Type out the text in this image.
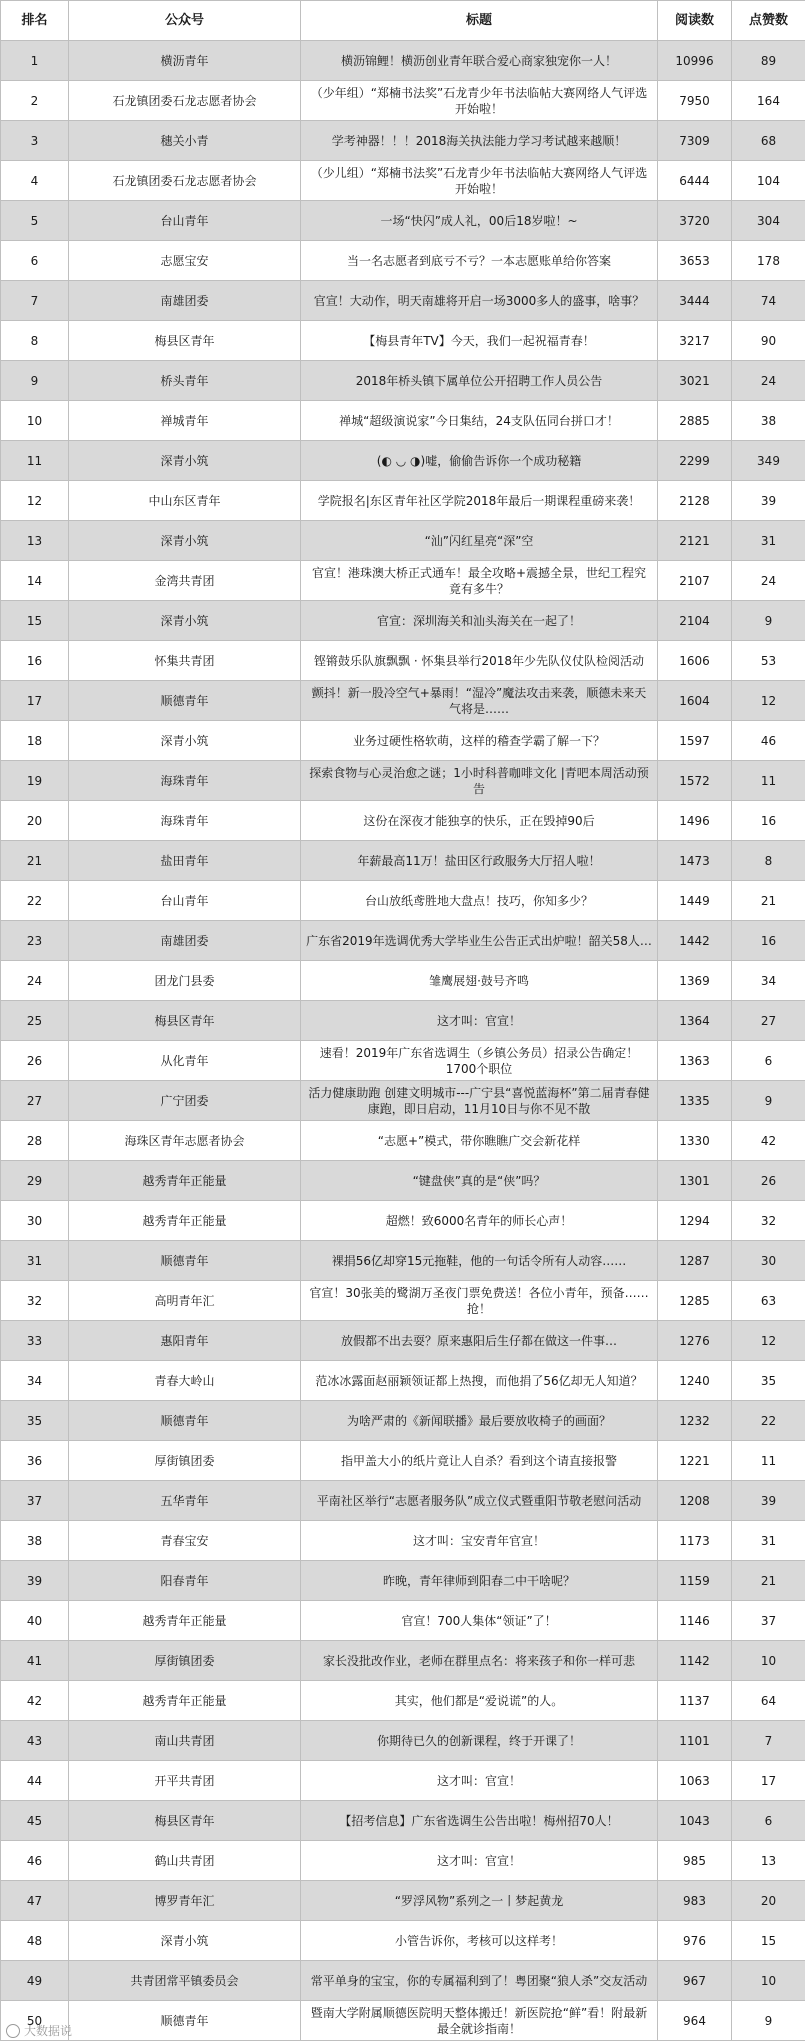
排名	公众号	标题	阅读数	点赞数
1	横沥青年	横沥锦鲤！横沥创业青年联合爱心商家独宠你一人！	10996	89
2	石龙镇团委石龙志愿者协会	（少年组）“郑楠书法奖”石龙青少年书法临帖大赛网络人气评选开始啦！	7950	164
3	穗关小青	学考神器！！！2018海关执法能力学习考试越来越顺！	7309	68
4	石龙镇团委石龙志愿者协会	（少儿组）“郑楠书法奖”石龙青少年书法临帖大赛网络人气评选开始啦！	6444	104
5	台山青年	一场“快闪”成人礼，00后18岁啦！~	3720	304
6	志愿宝安	当一名志愿者到底亏不亏？一本志愿账单给你答案	3653	178
7	南雄团委	官宣！大动作，明天南雄将开启一场3000多人的盛事，啥事？	3444	74
8	梅县区青年	【梅县青年TV】今天，我们一起祝福青春！	3217	90
9	桥头青年	2018年桥头镇下属单位公开招聘工作人员公告	3021	24
10	禅城青年	禅城“超级演说家”今日集结，24支队伍同台拼口才！	2885	38
11	深青小筑	(◐ ◡ ◑)嘘，偷偷告诉你一个成功秘籍	2299	349
12	中山东区青年	学院报名|东区青年社区学院2018年最后一期课程重磅来袭！	2128	39
13	深青小筑	“汕”闪红星亮“深”空	2121	31
14	金湾共青团	官宣！港珠澳大桥正式通车！最全攻略+震撼全景，世纪工程究竟有多牛？	2107	24
15	深青小筑	官宣：深圳海关和汕头海关在一起了！	2104	9
16	怀集共青团	铿锵鼓乐队旗飘飘 · 怀集县举行2018年少先队仪仗队检阅活动	1606	53
17	顺德青年	颤抖！新一股冷空气+暴雨！“湿冷”魔法攻击来袭，顺德未来天气将是……	1604	12
18	深青小筑	业务过硬性格软萌，这样的稽查学霸了解一下？	1597	46
19	海珠青年	探索食物与心灵治愈之谜；1小时科普咖啡文化 |青吧本周活动预告	1572	11
20	海珠青年	这份在深夜才能独享的快乐，正在毁掉90后	1496	16
21	盐田青年	年薪最高11万！盐田区行政服务大厅招人啦！	1473	8
22	台山青年	台山放纸鸢胜地大盘点！技巧，你知多少？	1449	21
23	南雄团委	广东省2019年选调优秀大学毕业生公告正式出炉啦！韶关58人…	1442	16
24	团龙门县委	雏鹰展翅·鼓号齐鸣	1369	34
25	梅县区青年	这才叫：官宣！	1364	27
26	从化青年	速看！2019年广东省选调生（乡镇公务员）招录公告确定！1700个职位	1363	6
27	广宁团委	活力健康助跑 创建文明城市---广宁县“喜悦蓝海杯”第二届青春健康跑，即日启动，11月10日与你不见不散	1335	9
28	海珠区青年志愿者协会	“志愿+”模式，带你瞧瞧广交会新花样	1330	42
29	越秀青年正能量	“键盘侠”真的是“侠”吗？	1301	26
30	越秀青年正能量	超燃！致6000名青年的师长心声！	1294	32
31	顺德青年	裸捐56亿却穿15元拖鞋，他的一句话令所有人动容……	1287	30
32	高明青年汇	官宣！30张美的鹭湖万圣夜门票免费送！各位小青年，预备……抢！	1285	63
33	惠阳青年	放假都不出去耍？原来惠阳后生仔都在做这一件事…	1276	12
34	青春大岭山	范冰冰露面赵丽颖领证都上热搜，而他捐了56亿却无人知道？	1240	35
35	顺德青年	为啥严肃的《新闻联播》最后要放收椅子的画面？	1232	22
36	厚街镇团委	指甲盖大小的纸片竟让人自杀？看到这个请直接报警	1221	11
37	五华青年	平南社区举行“志愿者服务队”成立仪式暨重阳节敬老慰问活动	1208	39
38	青春宝安	这才叫：宝安青年官宣！	1173	31
39	阳春青年	昨晚，青年律师到阳春二中干啥呢？	1159	21
40	越秀青年正能量	官宣！700人集体“领证”了！	1146	37
41	厚街镇团委	家长没批改作业，老师在群里点名：将来孩子和你一样可悲	1142	10
42	越秀青年正能量	其实，他们都是“爱说谎”的人。	1137	64
43	南山共青团	你期待已久的创新课程，终于开课了！	1101	7
44	开平共青团	这才叫：官宣！	1063	17
45	梅县区青年	【招考信息】广东省选调生公告出啦！梅州招70人！	1043	6
46	鹤山共青团	这才叫：官宣！	985	13
47	博罗青年汇	“罗浮风物”系列之一丨梦起黄龙	983	20
48	深青小筑	小管告诉你，考核可以这样考！	976	15
49	共青团常平镇委员会	常平单身的宝宝，你的专属福利到了！粤团聚“狼人杀”交友活动	967	10
50	顺德青年	暨南大学附属顺德医院明天整体搬迁！新医院抢“鲜”看！附最新最全就诊指南！	964	9
大数据说
